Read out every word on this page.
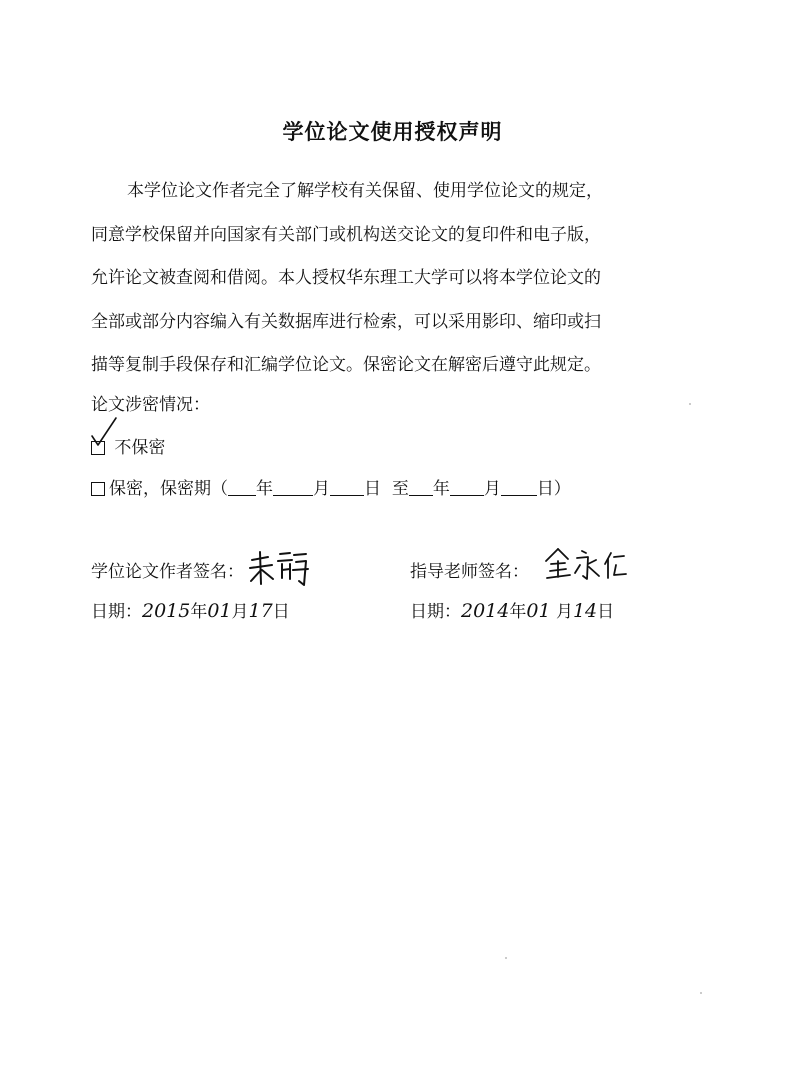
学位论文使用授权声明
本学位论文作者完全了解学校有关保留、使用学位论文的规定，
同意学校保留并向国家有关部门或机构送交论文的复印件和电子版，
允许论文被查阅和借阅。本人授权华东理工大学可以将本学位论文的
全部或部分内容编入有关数据库进行检索，可以采用影印、缩印或扫
描等复制手段保存和汇编学位论文。保密论文在解密后遵守此规定。
论文涉密情况：
不保密
保密，保密期（ 年 月 日 至 年 月 日）
学位论文作者签名：	指导老师签名：
日期：2015年01月17日	日期：2014年01 月14日
